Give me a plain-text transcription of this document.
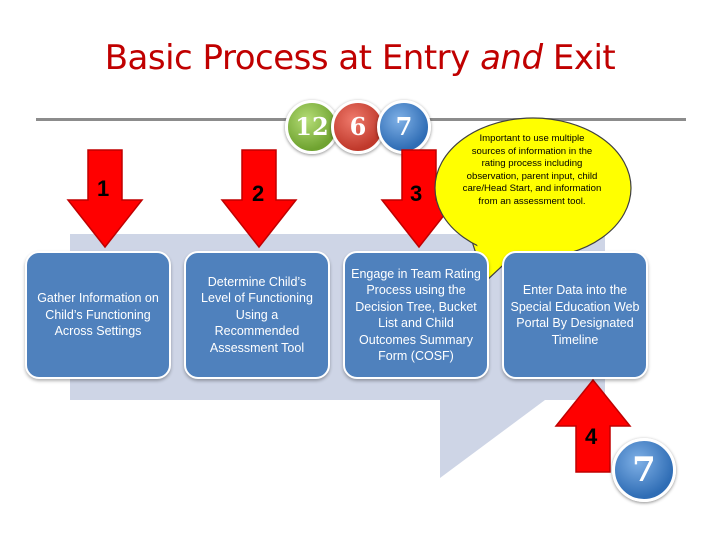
Basic Process at Entry and Exit
12 6	7	Important to use multiple sources of information in the rating process including observation, parent input, child care/Head Start, and information from an assessment tool.
1	2	3
4
Gather Information on Child’s Functioning Across Settings
Determine Child’s Level of Functioning Using a Recommended Assessment Tool
Engage in Team Rating Process using the Decision Tree, Bucket List and Child Outcomes Summary Form (COSF)
Enter Data into the Special Education Web Portal By Designated Timeline
7
